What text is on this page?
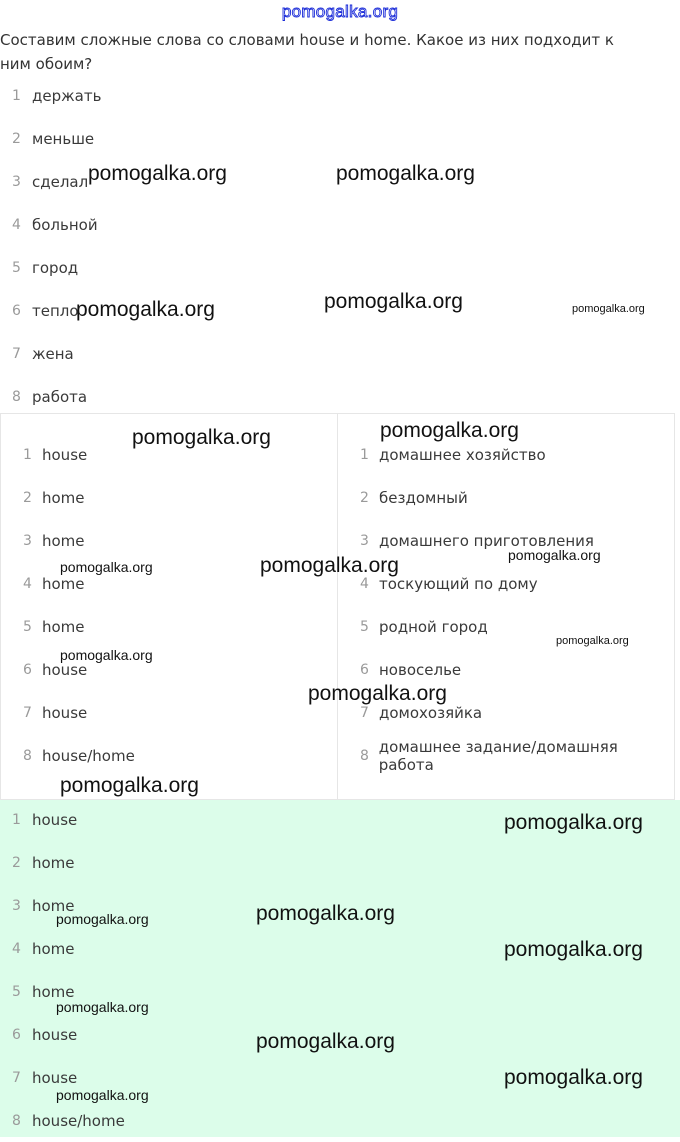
pomogalka.org
Составим сложные слова со словами house и home. Какое из них подходит к ним обоим?
1 держать
2 меньше
3 сделал
4 больной
5 город
6 тепло
7 жена
8 работа
1 house
2 home
3 home
4 home
5 home
6 house
7 house
8 house/home
1 домашнее хозяйство
2 бездомный
3 домашнего приготовления
4 тоскующий по дому
5 родной город
6 новоселье
7 домохозяйка
8 домашнее задание/домашняя работа
1 house
2 home
3 home
4 home
5 home
6 house
7 house
8 house/home
pomogalka.org	pomogalka.org
pomogalka.org
pomogalka.org	pomogalka.org
pomogalka.org	pomogalka.org
pomogalka.org
pomogalka.org
pomogalka.org
pomogalka.org
pomogalka.org
pomogalka.org
pomogalka.org
pomogalka.org
pomogalka.org
pomogalka.org
pomogalka.org
pomogalka.org
pomogalka.org
pomogalka.org
pomogalka.org
